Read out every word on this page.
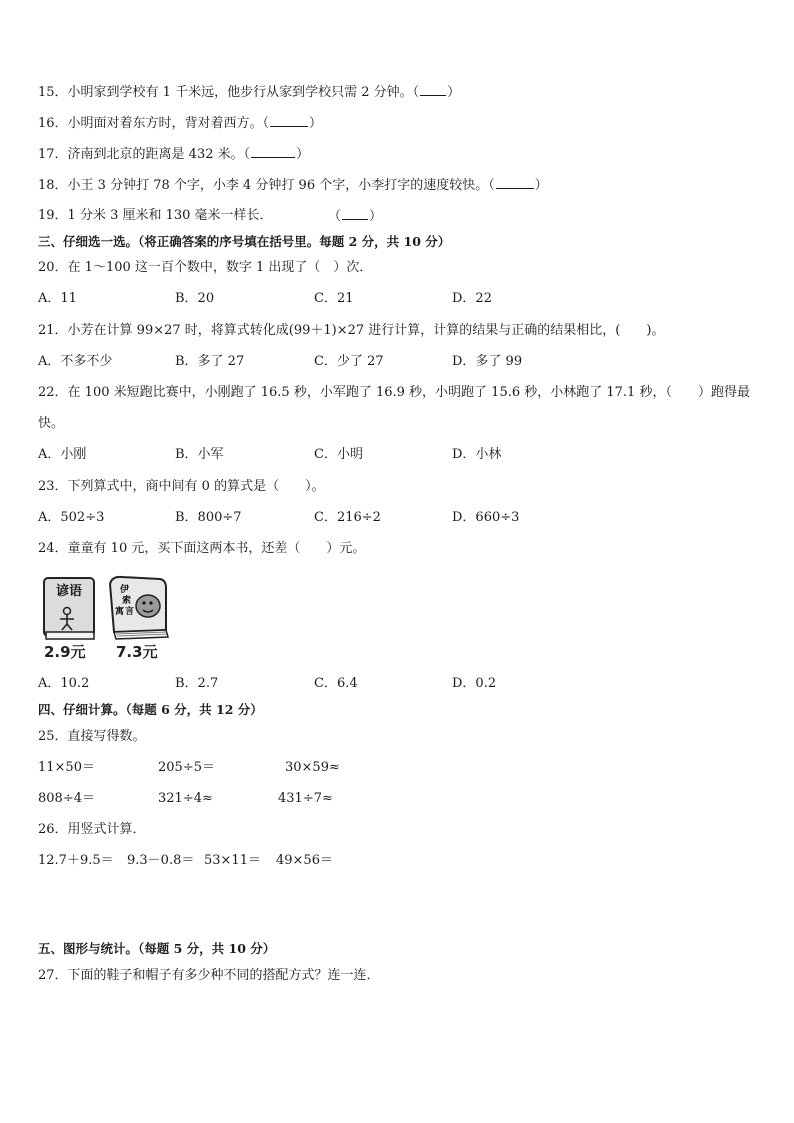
15．小明家到学校有 1 千米远，他步行从家到学校只需 2 分钟。（ ）
16．小明面对着东方时，背对着西方。（	）
17．济南到北京的距离是 432 米。（	）
18．小王 3 分钟打 78 个字，小李 4 分钟打 96 个字，小李打字的速度较快。（	）
19．1 分米 3 厘米和 130 毫米一样长．	（ ）
三、仔细选一选。（将正确答案的序号填在括号里。每题 2 分，共 10 分）
20．在 1～100 这一百个数中，数字 1 出现了（　）次．
A．11	B．20	C．21	D．22
21．小芳在计算 99×27 时，将算式转化成(99＋1)×27 进行计算，计算的结果与正确的结果相比，(　　)。
A．不多不少	B．多了 27	C．少了 27	D．多了 99
22．在 100 米短跑比赛中，小刚跑了 16.5 秒，小军跑了 16.9 秒，小明跑了 15.6 秒，小林跑了 17.1 秒，（　　）跑得最快。
A．小刚	B．小军	C．小明	D．小林
23．下列算式中，商中间有 0 的算式是（　　）。
A．502÷3	B．800÷7	C．216÷2	D．660÷3
24．童童有 10 元，买下面这两本书，还差（　　）元。
谚语
2.9元
伊
索
寓 言
7.3元
A．10.2	B．2.7	C．6.4	D．0.2
四、仔细计算。（每题 6 分，共 12 分）
25．直接写得数。
11×50＝	205÷5＝	30×59≈
808÷4＝	321÷4≈	431÷7≈
26．用竖式计算．
12.7＋9.5＝ 9.3－0.8＝ 53×11＝ 49×56＝
五、图形与统计。（每题 5 分，共 10 分）
27．下面的鞋子和帽子有多少种不同的搭配方式？连一连．
